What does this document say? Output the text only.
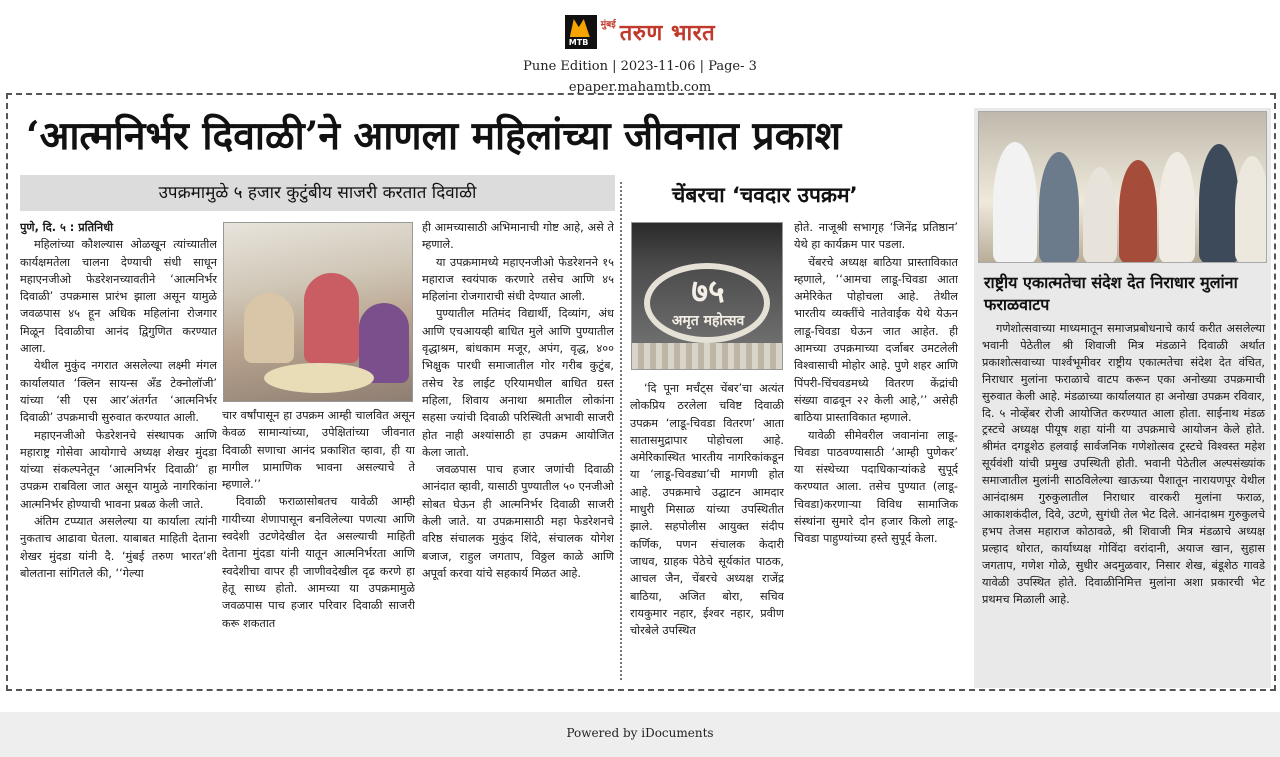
MTB
मुंबई तरुण भारत
Pune Edition | 2023-11-06 | Page- 3
epaper.mahamtb.com
‘आत्मनिर्भर दिवाळी’ने आणला महिलांच्या जीवनात प्रकाश
उपक्रमामुळे ५ हजार कुटुंबीय साजरी करतात दिवाळी

पुणे, दि. ५ : प्रतिनिधी

महिलांच्या कौशल्यास ओळखून त्यांच्यातील कार्यक्षमतेला चालना देण्याची संधी साधून महाएनजीओ फेडरेशनच्यावतीने ‘आत्मनिर्भर दिवाळी’ उपक्रमास प्रारंभ झाला असून यामुळे जवळपास ४५ हून अधिक महिलांना रोजगार मिळून दिवाळीचा आनंद द्विगुणित करण्यात आला.

येथील मुकुंद नगरात असलेल्या लक्ष्मी मंगल कार्यालयात ‘क्लिन सायन्स अँड टेक्नोलॉजी’ यांच्या ‘सी एस आर’अंतर्गत ‘आत्मनिर्भर दिवाळी’ उपक्रमाची सुरुवात करण्यात आली.

महाएनजीओ फेडरेशनचे संस्थापक आणि महाराष्ट्र गोसेवा आयोगाचे अध्यक्ष शेखर मुंदडा यांच्या संकल्पनेतून ‘आत्मनिर्भर दिवाळी’ हा उपक्रम राबविला जात असून यामुळे नागरिकांना आत्मनिर्भर होण्याची भावना प्रबळ केली जाते.

अंतिम टप्प्यात असलेल्या या कार्याला त्यांनी नुकताच आढावा घेतला. याबाबत माहिती देताना शेखर मुंदडा यांनी दै. ‘मुंबई तरुण भारत’शी बोलताना सांगितले की, ‘‘गेल्या

चार वर्षांपासून हा उपक्रम आम्ही चालवित असून केवळ सामान्यांच्या, उपेक्षितांच्या जीवनात दिवाळी सणाचा आनंद प्रकाशित व्हावा, ही या मागील प्रामाणिक भावना असल्याचे ते म्हणाले.’’

दिवाळी फराळासोबतच यावेळी आम्ही गायीच्या शेणापासून बनविलेल्या पणत्या आणि स्वदेशी उटणेदेखील देत असल्याची माहिती देताना मुंदडा यांनी यातून आत्मनिर्भरता आणि स्वदेशीचा वापर ही जाणीवदेखील दृढ करणे हा हेतू साध्य होतो. आमच्या या उपक्रमामुळे जवळपास पाच हजार परिवार दिवाळी साजरी करू शकतात

ही आमच्यासाठी अभिमानाची गोष्ट आहे, असे ते म्हणाले.

या उपक्रमामध्ये महाएनजीओ फेडरेशनने १५ महाराज स्वयंपाक करणारे तसेच आणि ४५ महिलांना रोजगाराची संधी देण्यात आली.

पुण्यातील मतिमंद विद्यार्थी, दिव्यांग, अंध आणि एचआयव्ही बाधित मुले आणि पुण्यातील वृद्धाश्रम, बांधकाम मजूर, अपंग, वृद्ध, ४०० भिक्षुक पारधी समाजातील गोर गरीब कुटुंब, तसेच रेड लाईट एरियामधील बाधित ग्रस्त महिला, शिवाय अनाथा श्रमातील लोकांना सहसा ज्यांची दिवाळी परिस्थिती अभावी साजरी होत नाही अश्यांसाठी हा उपक्रम आयोजित केला जातो.

जवळपास पाच हजार जणांची दिवाळी आनंदात व्हावी, यासाठी पुण्यातील ५० एनजीओ सोबत घेऊन ही आत्मनिर्भर दिवाळी साजरी केली जाते. या उपक्रमासाठी महा फेडरेशनचे वरिष्ठ संचालक मुकुंद शिंदे, संचालक योगेश बजाज, राहुल जगताप, विठ्ठल काळे आणि अपूर्वा करवा यांचे सहकार्य मिळत आहे.

चेंबरचा ‘चवदार उपक्रम’
७५
अमृत महोत्सव

‘दि पूना मर्चंट्स चेंबर’चा अत्यंत लोकप्रिय ठरलेला चविष्ट दिवाळी उपक्रम ‘लाडू-चिवडा वितरण’ आता सातासमुद्रापार पोहोचला आहे. अमेरिकास्थित भारतीय नागरिकांकडून या ‘लाडू-चिवड्या’ची मागणी होत आहे. उपक्रमाचे उद्घाटन आमदार माधुरी मिसाळ यांच्या उपस्थितीत झाले. सहपोलीस आयुक्त संदीप कर्णिक, पणन संचालक केदारी जाधव, ग्राहक पेठेचे सूर्यकांत पाठक, आचल जैन, चेंबरचे अध्यक्ष राजेंद्र बाठिया, अजित बोरा, सचिव रायकुमार नहार, ईश्वर नहार, प्रवीण चोरबेले उपस्थित

होते. नाजूश्री सभागृह ‘जिनेंद्र प्रतिष्ठान’ येथे हा कार्यक्रम पार पडला.

चेंबरचे अध्यक्ष बाठिया प्रास्ताविकात म्हणाले, ‘‘आमचा लाडू-चिवडा आता अमेरिकेत पोहोचला आहे. तेथील भारतीय व्यक्तींचे नातेवाईक येथे येऊन लाडू-चिवडा घेऊन जात आहेत. ही आमच्या उपक्रमाच्या दर्जाबर उमटलेली विश्वासाची मोहोर आहे. पुणे शहर आणि पिंपरी-चिंचवडमध्ये वितरण केंद्रांची संख्या वाढवून २२ केली आहे,’’ असेही बाठिया प्रास्ताविकात म्हणाले.

यावेळी सीमेवरील जवानांना लाडू-चिवडा पाठवण्यासाठी ‘आम्ही पुणेकर’ या संस्थेच्या पदाधिकाऱ्यांकडे सुपूर्द करण्यात आला. तसेच पुण्यात (लाडू-चिवडा)करणाऱ्या विविध सामाजिक संस्थांना सुमारे दोन हजार किलो लाडू-चिवडा पाहुण्यांच्या हस्ते सुपूर्द केला.

राष्ट्रीय एकात्मतेचा संदेश देत निराधार मुलांना फराळवाटप

गणेशोत्सवाच्या माध्यमातून समाजप्रबोधनाचे कार्य करीत असलेल्या भवानी पेठेतील श्री शिवाजी मित्र मंडळाने दिवाळी अर्थात प्रकाशोत्सवाच्या पार्श्वभूमीवर राष्ट्रीय एकात्मतेचा संदेश देत वंचित, निराधार मुलांना फराळाचे वाटप करून एका अनोख्या उपक्रमाची सुरुवात केली आहे. मंडळाच्या कार्यालयात हा अनोखा उपक्रम रविवार, दि. ५ नोव्हेंबर रोजी आयोजित करण्यात आला होता. साईनाथ मंडळ ट्रस्टचे अध्यक्ष पीयूष शहा यांनी या उपक्रमाचे आयोजन केले होते. श्रीमंत दगडूशेठ हलवाई सार्वजनिक गणेशोत्सव ट्रस्टचे विश्वस्त महेश सूर्यवंशी यांची प्रमुख उपस्थिती होती. भवानी पेठेतील अल्पसंख्यांक समाजातील मुलांनी साठविलेल्या खाऊच्या पैशातून नारायणपूर येथील आनंदाश्रम गुरुकुलातील निराधार वारकरी मुलांना फराळ, आकाशकंदील, दिवे, उटणे, सुगंधी तेल भेट दिले. आनंदाश्रम गुरुकुलचे हभप तेजस महाराज कोठावळे, श्री शिवाजी मित्र मंडळाचे अध्यक्ष प्रल्हाद थोरात, कार्याध्यक्ष गोविंदा वरांदानी, अयाज खान, सुहास जगताप, गणेश गोळे, सुधीर अदमुळवार, निसार शेख, बंडूशेठ गावडे यावेळी उपस्थित होते. दिवाळीनिमित्त मुलांना अशा प्रकारची भेट प्रथमच मिळाली आहे.

Powered by iDocuments
